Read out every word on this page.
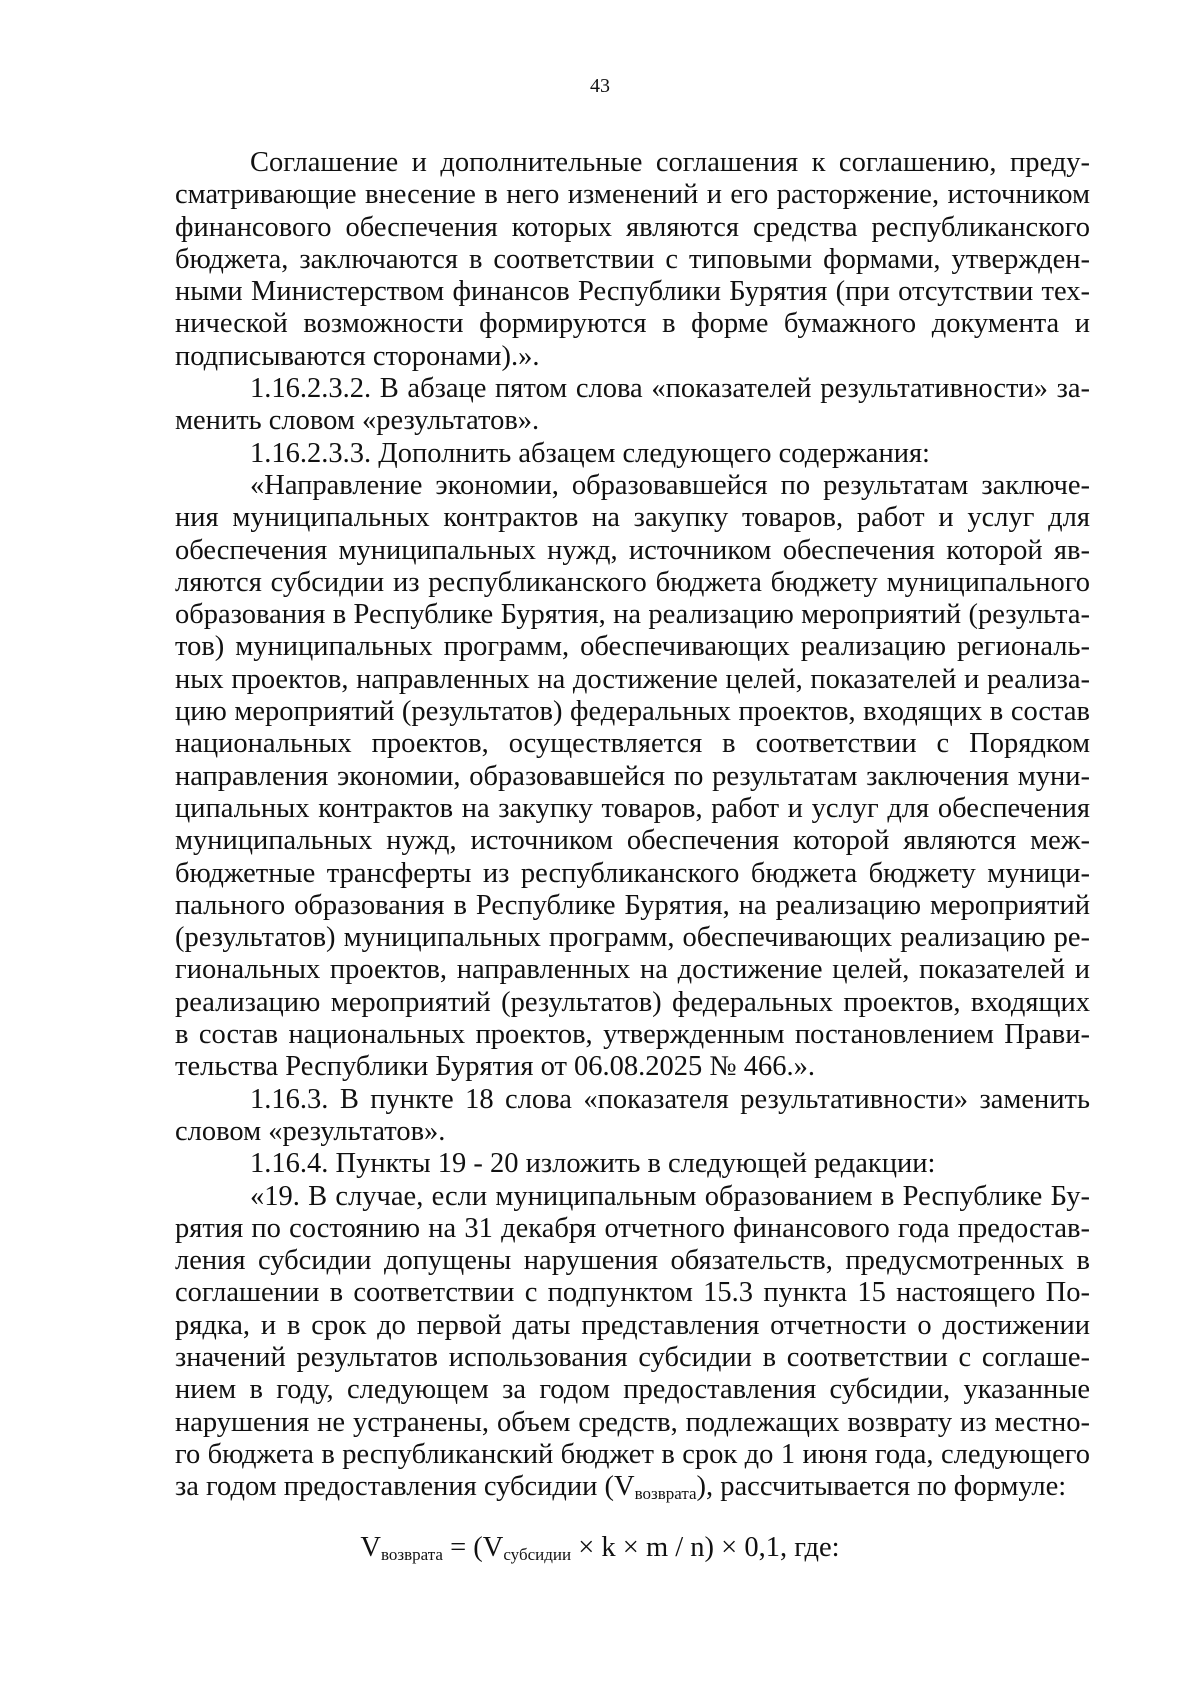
43

Соглашение и дополнительные соглашения к соглашению, предусматривающие внесение в него изменений и его расторжение, источником финансового обеспечения которых являются средства республиканского бюджета, заключаются в соответствии с типовыми формами, утвержденными Министерством финансов Республики Бурятия (при отсутствии технической возможности формируются в форме бумажного документа и подписываются сторонами).».

1.16.2.3.2. В абзаце пятом слова «показателей результативности» заменить словом «результатов».

1.16.2.3.3. Дополнить абзацем следующего содержания:

«Направление экономии, образовавшейся по результатам заключения муниципальных контрактов на закупку товаров, работ и услуг для обеспечения муниципальных нужд, источником обеспечения которой являются субсидии из республиканского бюджета бюджету муниципального образования в Республике Бурятия, на реализацию мероприятий (результатов) муниципальных программ, обеспечивающих реализацию региональных проектов, направленных на достижение целей, показателей и реализацию мероприятий (результатов) федеральных проектов, входящих в состав национальных проектов, осуществляется в соответствии с Порядком направления экономии, образовавшейся по результатам заключения муниципальных контрактов на закупку товаров, работ и услуг для обеспечения муниципальных нужд, источником обеспечения которой являются межбюджетные трансферты из республиканского бюджета бюджету муниципального образования в Республике Бурятия, на реализацию мероприятий (результатов) муниципальных программ, обеспечивающих реализацию региональных проектов, направленных на достижение целей, показателей и реализацию мероприятий (результатов) федеральных проектов, входящих в состав национальных проектов, утвержденным постановлением Правительства Республики Бурятия от 06.08.2025 № 466.».

1.16.3. В пункте 18 слова «показателя результативности» заменить словом «результатов».

1.16.4. Пункты 19 - 20 изложить в следующей редакции:

«19. В случае, если муниципальным образованием в Республике Бурятия по состоянию на 31 декабря отчетного финансового года предоставления субсидии допущены нарушения обязательств, предусмотренных в соглашении в соответствии с подпунктом 15.3 пункта 15 настоящего Порядка, и в срок до первой даты представления отчетности о достижении значений результатов использования субсидии в соответствии с соглашением в году, следующем за годом предоставления субсидии, указанные нарушения не устранены, объем средств, подлежащих возврату из местного бюджета в республиканский бюджет в срок до 1 июня года, следующего за годом предоставления субсидии $(V_{возврата})$, рассчитывается по формуле:

$V_{возврата} = (V_{субсидии} \times k \times m / n) \times 0,1$, где:
